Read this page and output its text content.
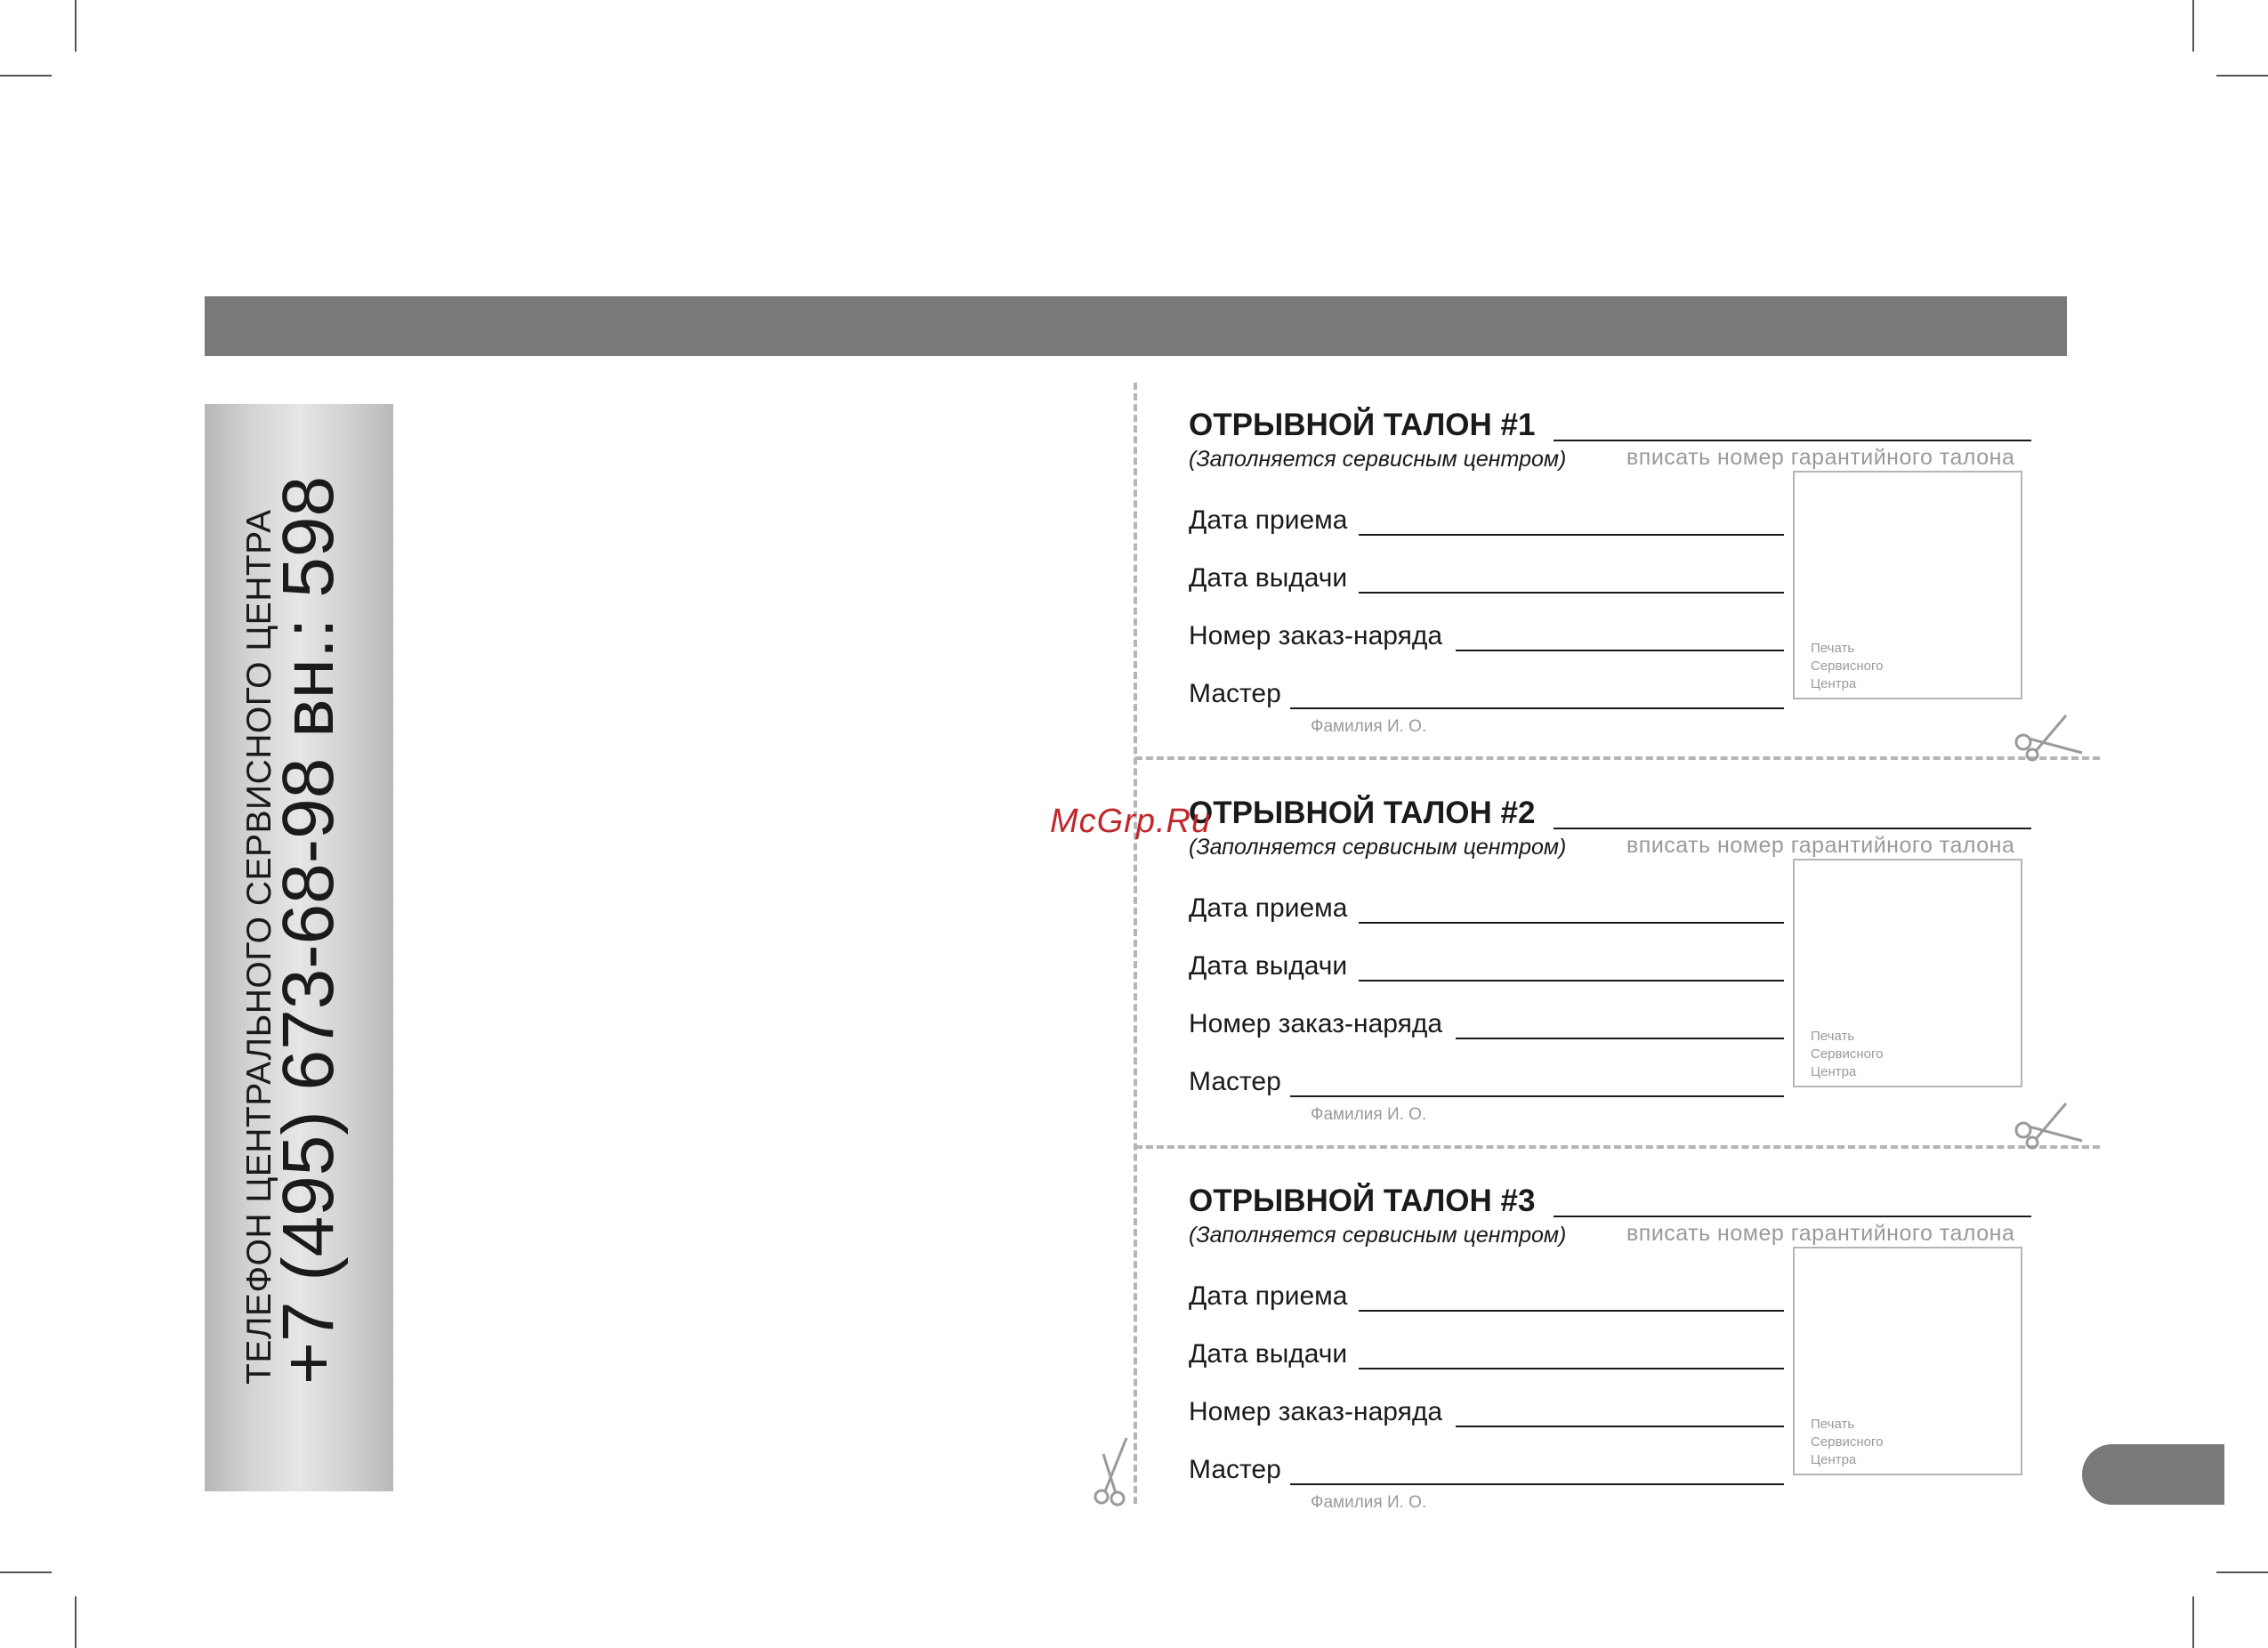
ТЕЛЕФОН ЦЕНТРАЛЬНОГО СЕРВИСНОГО ЦЕНТРА
+7 (495) 673-68-98 вн.: 598
ОТРЫВНОЙ ТАЛОН #1
(Заполняется сервисным центром)	вписать номер гарантийного талона
Дата приема
Дата выдачи
Номер заказ-наряда
Мастер
Фамилия И. О.
Печать
Сервисного
Центра
ОТРЫВНОЙ ТАЛОН #2
(Заполняется сервисным центром)	вписать номер гарантийного талона
Дата приема
Дата выдачи
Номер заказ-наряда
Мастер
Фамилия И. О.
Печать
Сервисного
Центра
ОТРЫВНОЙ ТАЛОН #3
(Заполняется сервисным центром)	вписать номер гарантийного талона
Дата приема
Дата выдачи
Номер заказ-наряда
Мастер
Фамилия И. О.
Печать
Сервисного
Центра
McGrp.Ru
